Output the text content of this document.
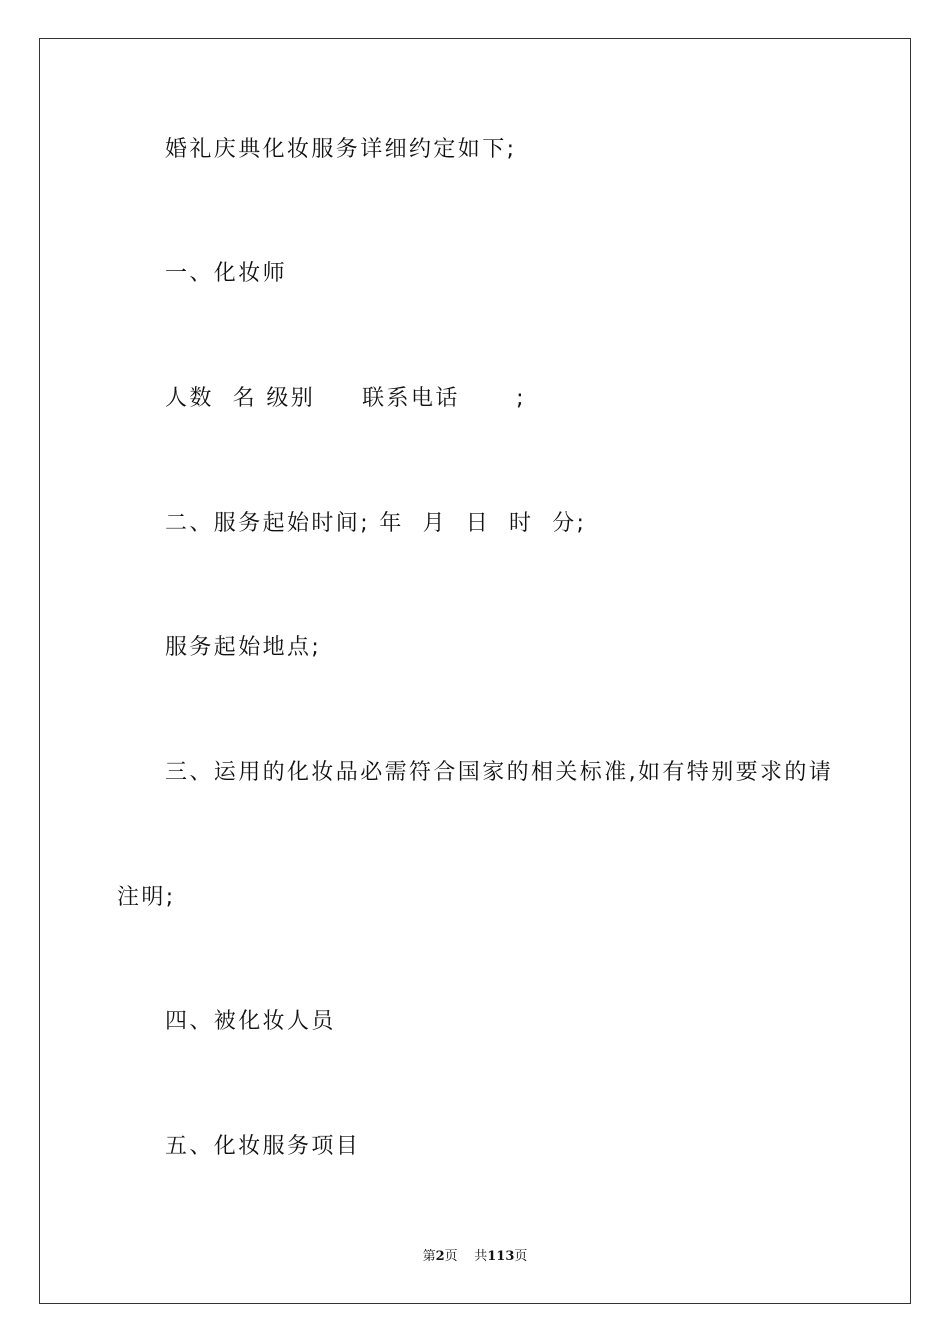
婚礼庆典化妆服务详细约定如下;
一、化妆师
人数  名 级别     联系电话      ;
二、服务起始时间; 年  月  日  时  分;
服务起始地点;
三、运用的化妆品必需符合国家的相关标准,如有特别要求的请
注明;
四、被化妆人员
五、化妆服务项目
第2页 共113页
